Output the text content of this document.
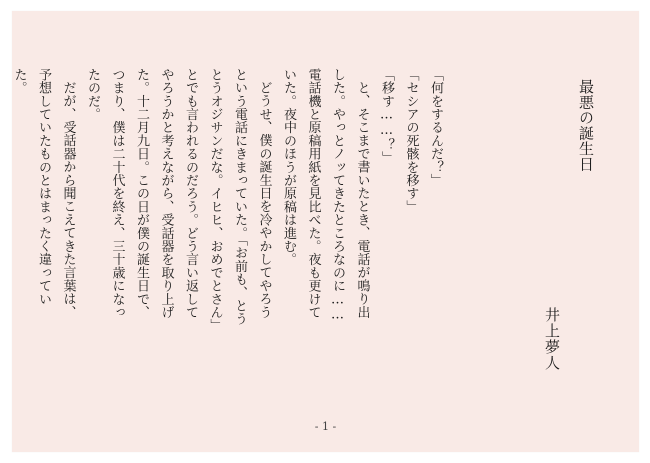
最悪の誕生日
井上夢人

「何をするんだ？」

「セシアの死骸を移す」

「移す……？」

と、そこまで書いたとき、電話が鳴り出した。やっとノッてきたところなのに……電話機と原稿用紙を見比べた。夜も更けていた。夜中のほうが原稿は進む。

どうせ、僕の誕生日を冷やかしてやろうという電話にきまっていた。「お前も、とうとうオジサンだな。イヒヒ、おめでとさん」とでも言われるのだろう。どう言い返してやろうかと考えながら、受話器を取り上げた。十二月九日。この日が僕の誕生日で、つまり、僕は二十代を終え、三十歳になったのだ。

だが、受話器から聞こえてきた言葉は、予想していたものとはまったく違っていた。

- 1 -
